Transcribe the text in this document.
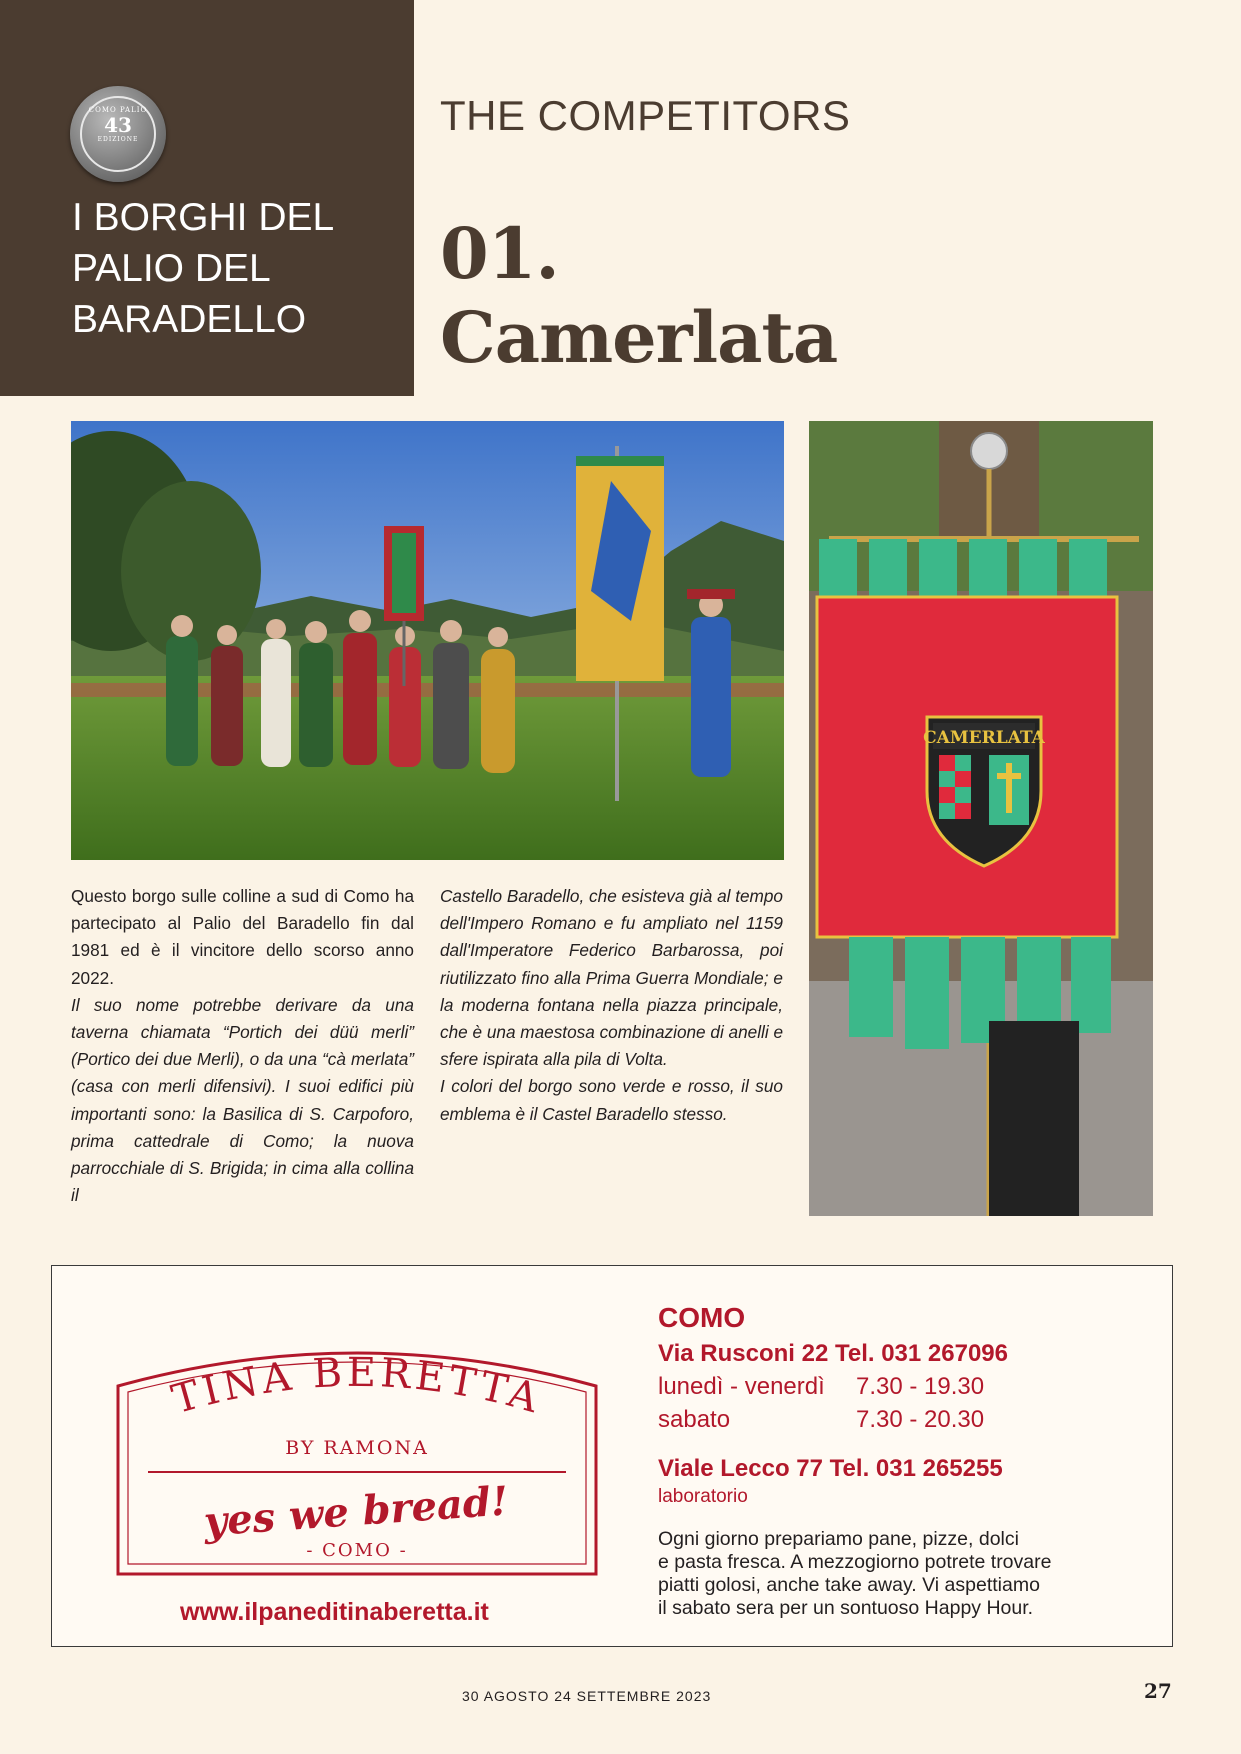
COMO PALIO
43
EDIZIONE
I BORGHI DEL
PALIO DEL
BARADELLO
THE COMPETITORS
01.
Camerlata
CAMERLATA

Questo borgo sulle colline a sud di Como ha partecipato al Palio del Baradello fin dal 1981 ed è il vincitore dello scorso anno 2022.

Il suo nome potrebbe derivare da una taverna chiamata “Portich dei düü merli” (Portico dei due Merli), o da una “cà merlata” (casa con merli difensivi). I suoi edifici più importanti sono: la Basilica di S. Carpoforo, prima cattedrale di Como; la nuova parrocchiale di S. Brigida; in cima alla collina il

Castello Baradello, che esisteva già al tempo dell'Impero Romano e fu ampliato nel 1159 dall'Imperatore Federico Barbarossa, poi riutilizzato fino alla Prima Guerra Mondiale; e la moderna fontana nella piazza principale, che è una maestosa combinazione di anelli e sfere ispirata alla pila di Volta.

I colori del borgo sono verde e rosso, il suo emblema è il Castel Baradello stesso.

TINA BERETTA
BY RAMONA
yes we bread!
- COMO -
www.ilpaneditinaberetta.it
COMO
Via Rusconi 22 Tel. 031 267096
lunedì - venerdì 7.30 - 19.30
sabato	7.30 - 20.30
Viale Lecco 77 Tel. 031 265255
laboratorio
Ogni giorno prepariamo pane, pizze, dolci
e pasta fresca. A mezzogiorno potrete trovare
piatti golosi, anche take away. Vi aspettiamo
il sabato sera per un sontuoso Happy Hour.
30 AGOSTO 24 SETTEMBRE 2023	27
